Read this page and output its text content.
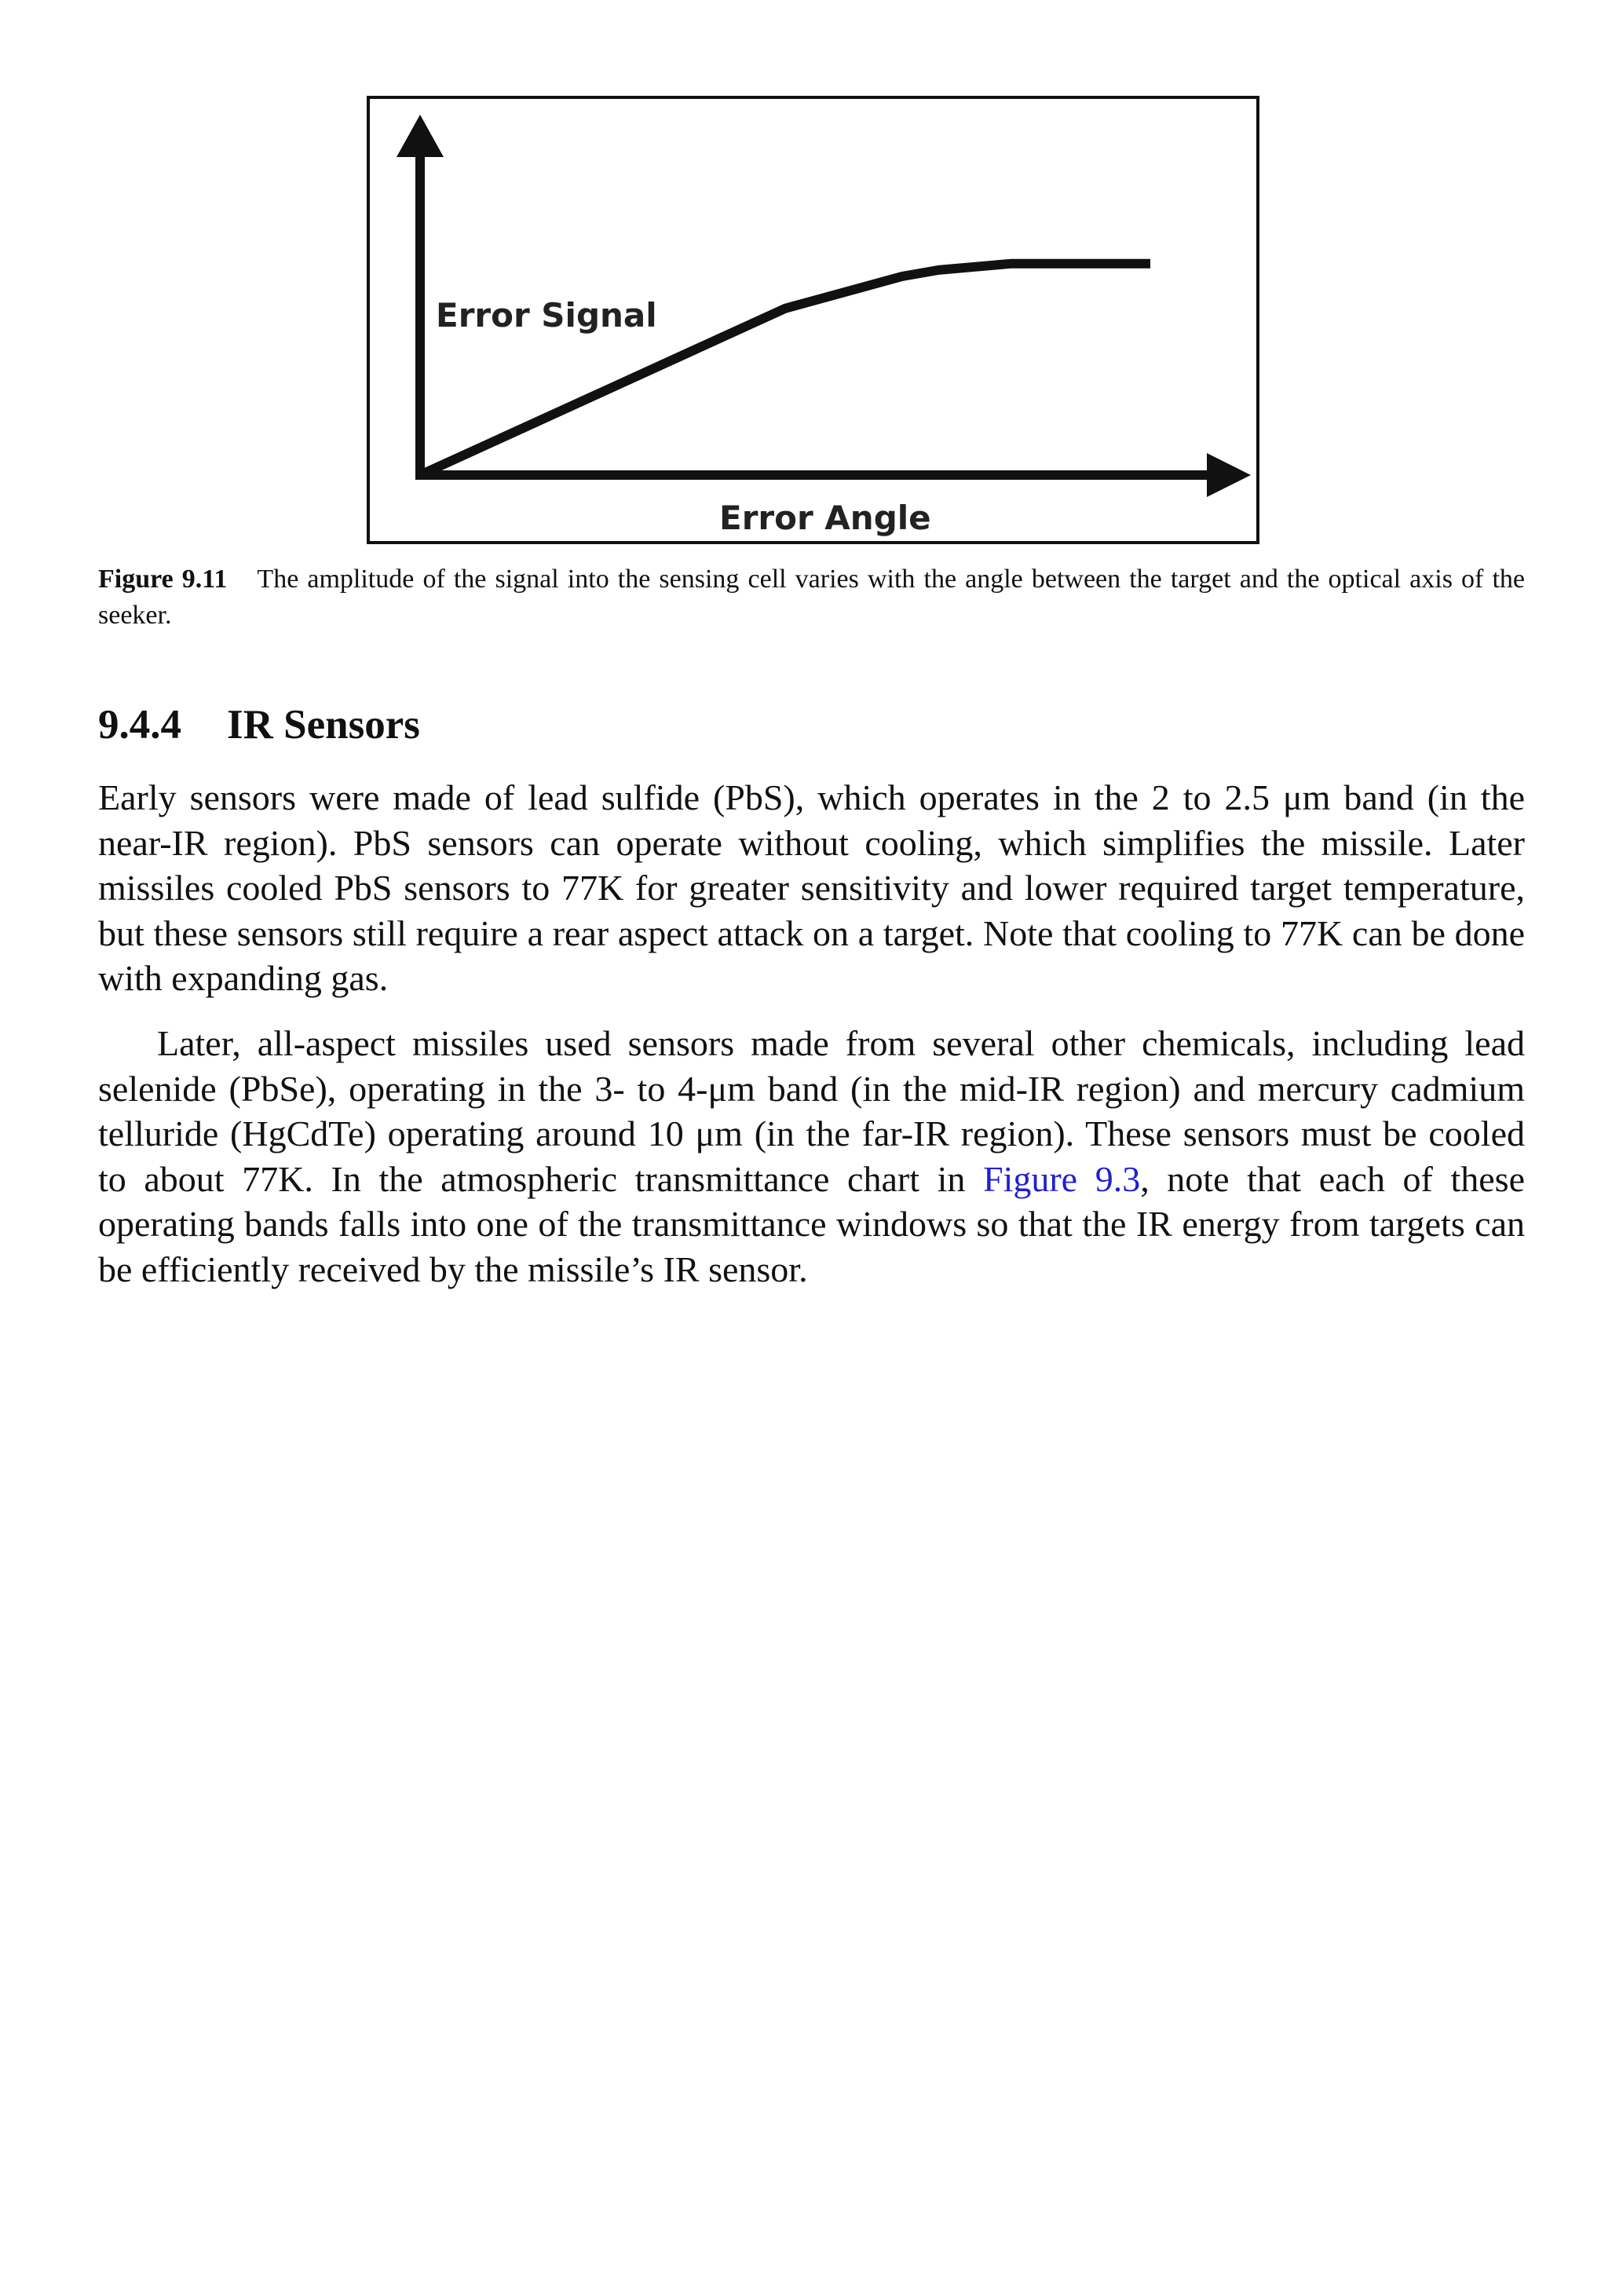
Error Signal
Error Angle
Figure 9.11 The amplitude of the signal into the sensing cell varies with the angle between the target and the optical axis of the seeker.
9.4.4 IR Sensors

Early sensors were made of lead sulfide (PbS), which operates in the 2 to 2.5 μm band (in the near-IR region). PbS sensors can operate without cooling, which simplifies the missile. Later missiles cooled PbS sensors to 77K for greater sensitivity and lower required target temperature, but these sensors still require a rear aspect attack on a target. Note that cooling to 77K can be done with expanding gas.

Later, all-aspect missiles used sensors made from several other chemicals, including lead selenide (PbSe), operating in the 3- to 4-μm band (in the mid-IR region) and mercury cadmium telluride (HgCdTe) operating around 10 μm (in the far-IR region). These sensors must be cooled to about 77K. In the atmospheric transmittance chart in Figure 9.3, note that each of these operating bands falls into one of the transmittance windows so that the IR energy from targets can be efficiently received by the missile’s IR sensor.
